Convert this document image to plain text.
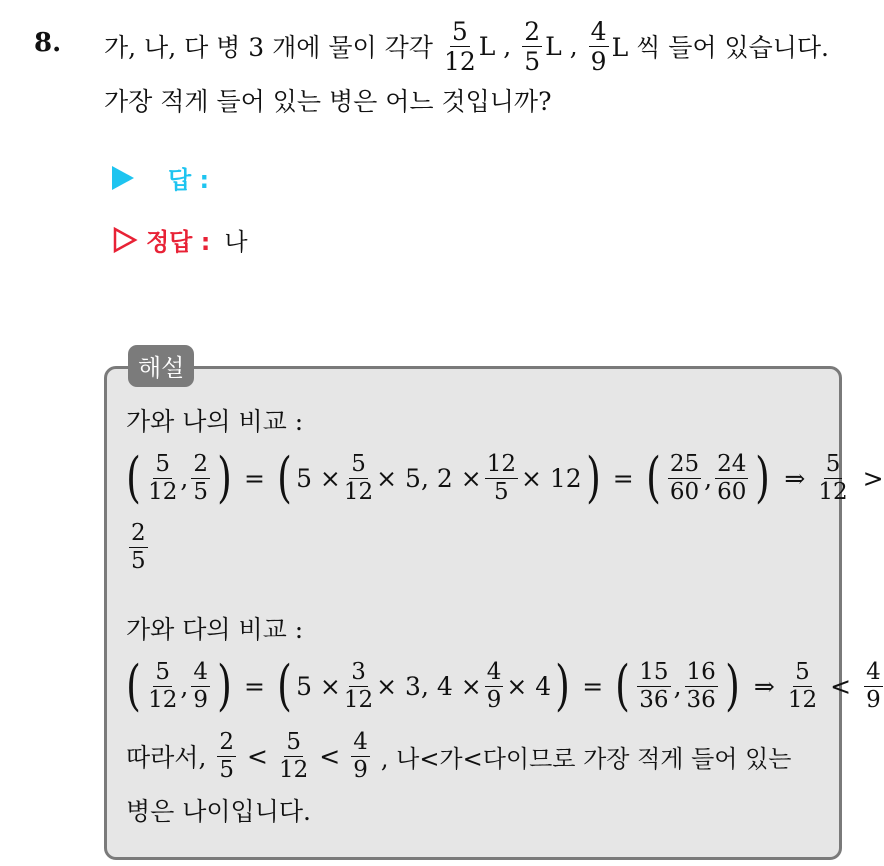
8. 가, 나, 다 병 3 개에 물이 각각 $\frac{5}{12}$ L , $\frac{2}{5}$ L , $\frac{4}{9}$ L 씩 들어 있습니다.
가장 적게 들어 있는 병은 어느 것입니까?
답 :
정답 : 나
해설
가와 나의 비교 :
( $\frac{5}{12}$ , $\frac{2}{5}$ ) = ( $5 \times \frac{5}{12} \times 5$, $2 \times \frac{12}{5} \times 12$ ) = ( $\frac{25}{60}$ , $\frac{24}{60}$ ) ⇒ $\frac{5}{12}$ >
$\frac{2}{5}$
가와 다의 비교 :
( $\frac{5}{12}$ , $\frac{4}{9}$ ) = ( $5 \times \frac{3}{12} \times 3$, $4 \times \frac{4}{9} \times 4$ ) = ( $\frac{15}{36}$ , $\frac{16}{36}$ ) ⇒ $\frac{5}{12} < \frac{4}{9}$
따라서, $\frac{2}{5} < \frac{5}{12} < \frac{4}{9}$ , 나<가<다이므로 가장 적게 들어 있는
병은 나이입니다.
